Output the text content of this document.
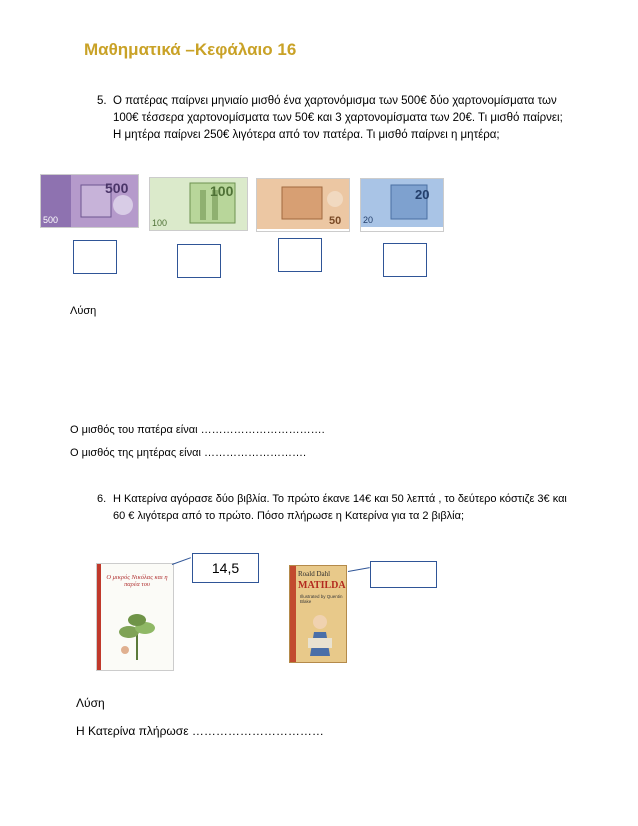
Μαθηματικά –Κεφάλαιο 16
5. Ο πατέρας παίρνει μηνιαίο μισθό ένα χαρτονόμισμα των 500€ δύο χαρτονομίσματα των 100€ τέσσερα χαρτονομίσματα των 50€ και 3 χαρτονομίσματα των 20€. Τι μισθό παίρνει; Η μητέρα παίρνει 250€ λιγότερα από τον πατέρα. Τι μισθό παίρνει η μητέρα;
500
500
100
100	50
20
20
Λύση
Ο μισθός του πατέρα είναι …………………………….
Ο μισθός της μητέρας είναι ……………………….
6. Η Κατερίνα αγόρασε δύο βιβλία. Το πρώτο έκανε 14€ και 50 λεπτά , το δεύτερο κόστιζε 3€ και 60 € λιγότερα από το πρώτο. Πόσο πλήρωσε η Κατερίνα για τα 2 βιβλία;
Ο μικρός Νικόλας και η παρέα του
14,5	Roald Dahl
MATILDA
Illustrated by Quentin Blake
Λύση
Η Κατερίνα πλήρωσε ……………………………
